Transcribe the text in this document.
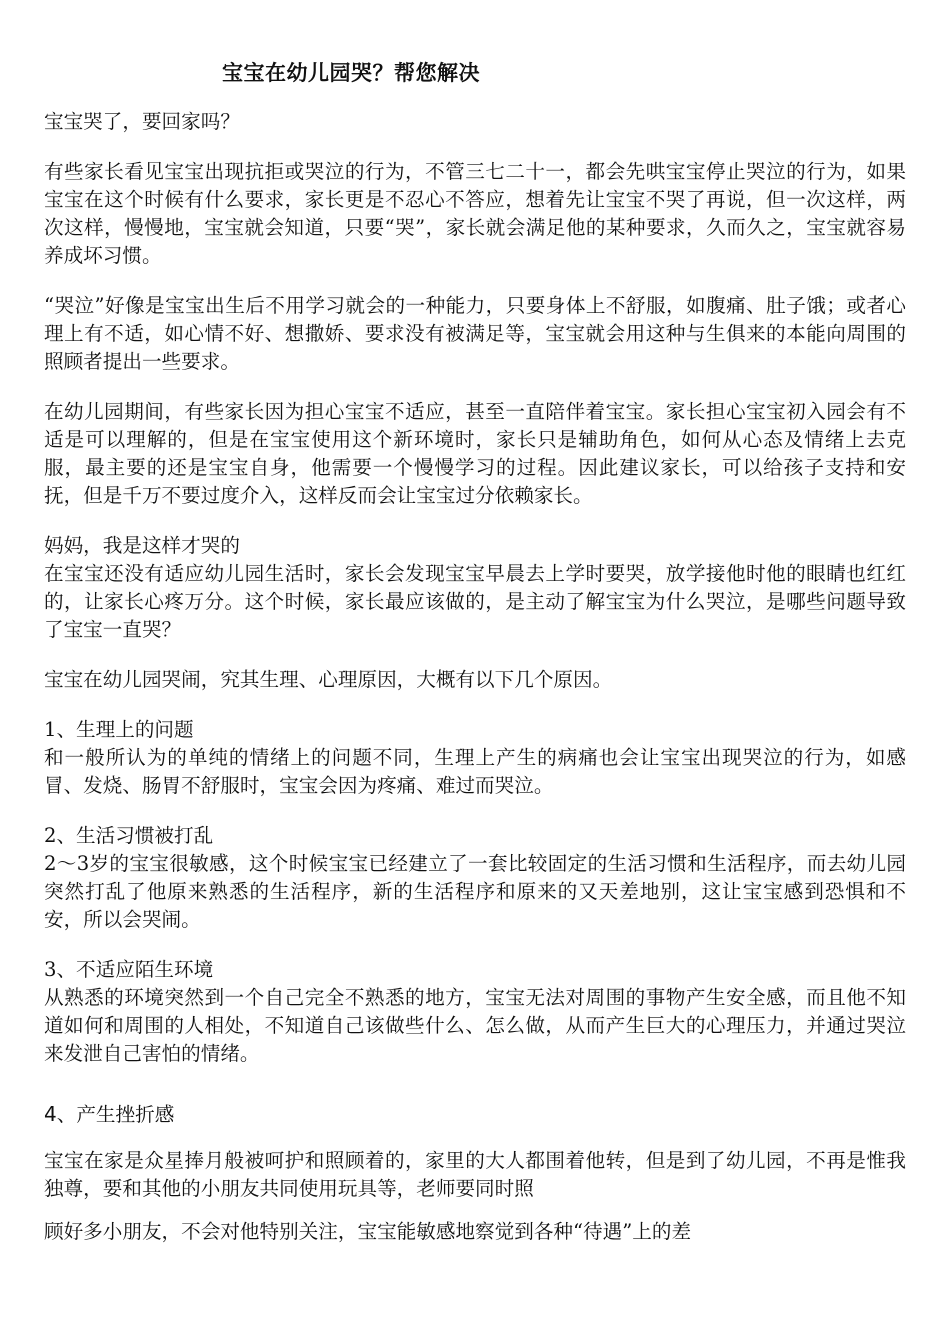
宝宝在幼儿园哭？帮您解决

宝宝哭了，要回家吗？

有些家长看见宝宝出现抗拒或哭泣的行为，不管三七二十一，都会先哄宝宝停止哭泣的行为，如果宝宝在这个时候有什么要求，家长更是不忍心不答应，想着先让宝宝不哭了再说，但一次这样，两次这样，慢慢地，宝宝就会知道，只要“哭”，家长就会满足他的某种要求，久而久之，宝宝就容易养成坏习惯。

“哭泣”好像是宝宝出生后不用学习就会的一种能力，只要身体上不舒服，如腹痛、肚子饿；或者心理上有不适，如心情不好、想撒娇、要求没有被满足等，宝宝就会用这种与生俱来的本能向周围的照顾者提出一些要求。

在幼儿园期间，有些家长因为担心宝宝不适应，甚至一直陪伴着宝宝。家长担心宝宝初入园会有不适是可以理解的，但是在宝宝使用这个新环境时，家长只是辅助角色，如何从心态及情绪上去克服，最主要的还是宝宝自身，他需要一个慢慢学习的过程。因此建议家长，可以给孩子支持和安抚，但是千万不要过度介入，这样反而会让宝宝过分依赖家长。

妈妈，我是这样才哭的

在宝宝还没有适应幼儿园生活时，家长会发现宝宝早晨去上学时要哭，放学接他时他的眼睛也红红的，让家长心疼万分。这个时候，家长最应该做的，是主动了解宝宝为什么哭泣，是哪些问题导致了宝宝一直哭？

宝宝在幼儿园哭闹，究其生理、心理原因，大概有以下几个原因。

1、生理上的问题

和一般所认为的单纯的情绪上的问题不同，生理上产生的病痛也会让宝宝出现哭泣的行为，如感冒、发烧、肠胃不舒服时，宝宝会因为疼痛、难过而哭泣。

2、生活习惯被打乱

2～3岁的宝宝很敏感，这个时候宝宝已经建立了一套比较固定的生活习惯和生活程序，而去幼儿园突然打乱了他原来熟悉的生活程序，新的生活程序和原来的又天差地别，这让宝宝感到恐惧和不安，所以会哭闹。

3、不适应陌生环境

从熟悉的环境突然到一个自己完全不熟悉的地方，宝宝无法对周围的事物产生安全感，而且他不知道如何和周围的人相处，不知道自己该做些什么、怎么做，从而产生巨大的心理压力，并通过哭泣来发泄自己害怕的情绪。

4、产生挫折感

宝宝在家是众星捧月般被呵护和照顾着的，家里的大人都围着他转，但是到了幼儿园，不再是惟我独尊，要和其他的小朋友共同使用玩具等，老师要同时照

顾好多小朋友，不会对他特别关注，宝宝能敏感地察觉到各种“待遇”上的差
